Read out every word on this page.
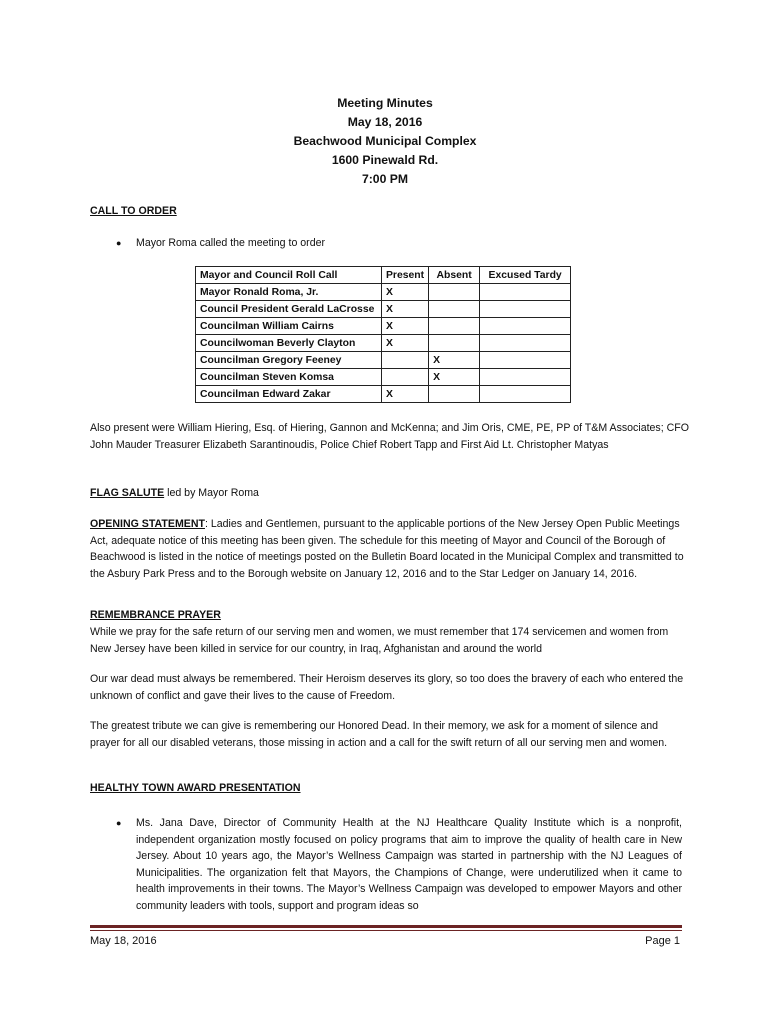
Meeting Minutes
May 18, 2016
Beachwood Municipal Complex
1600 Pinewald Rd.
7:00 PM
CALL TO ORDER
● Mayor Roma called the meeting to order
Mayor and Council Roll Call	Present	Absent	Excused Tardy
Mayor Ronald Roma, Jr.	X		
Council President Gerald LaCrosse	X		
Councilman William Cairns	X		
Councilwoman Beverly Clayton	X		
Councilman Gregory Feeney		X	
Councilman Steven Komsa		X	
Councilman Edward Zakar	X		
Also present were William Hiering, Esq. of Hiering, Gannon and McKenna; and Jim Oris, CME, PE, PP of T&M Associates; CFO John Mauder Treasurer Elizabeth Sarantinoudis, Police Chief Robert Tapp and First Aid Lt. Christopher Matyas
FLAG SALUTE led by Mayor Roma
OPENING STATEMENT: Ladies and Gentlemen, pursuant to the applicable portions of the New Jersey Open Public Meetings Act, adequate notice of this meeting has been given. The schedule for this meeting of Mayor and Council of the Borough of Beachwood is listed in the notice of meetings posted on the Bulletin Board located in the Municipal Complex and transmitted to the Asbury Park Press and to the Borough website on January 12, 2016 and to the Star Ledger on January 14, 2016.
REMEMBRANCE PRAYER
While we pray for the safe return of our serving men and women, we must remember that 174 servicemen and women from New Jersey have been killed in service for our country, in Iraq, Afghanistan and around the world
Our war dead must always be remembered. Their Heroism deserves its glory, so too does the bravery of each who entered the unknown of conflict and gave their lives to the cause of Freedom.
The greatest tribute we can give is remembering our Honored Dead. In their memory, we ask for a moment of silence and prayer for all our disabled veterans, those missing in action and a call for the swift return of all our serving men and women.
HEALTHY TOWN AWARD PRESENTATION
● Ms. Jana Dave, Director of Community Health at the NJ Healthcare Quality Institute which is a nonprofit, independent organization mostly focused on policy programs that aim to improve the quality of health care in New Jersey. About 10 years ago, the Mayor’s Wellness Campaign was started in partnership with the NJ Leagues of Municipalities. The organization felt that Mayors, the Champions of Change, were underutilized when it came to health improvements in their towns. The Mayor’s Wellness Campaign was developed to empower Mayors and other community leaders with tools, support and program ideas so
May 18, 2016	Page 1
